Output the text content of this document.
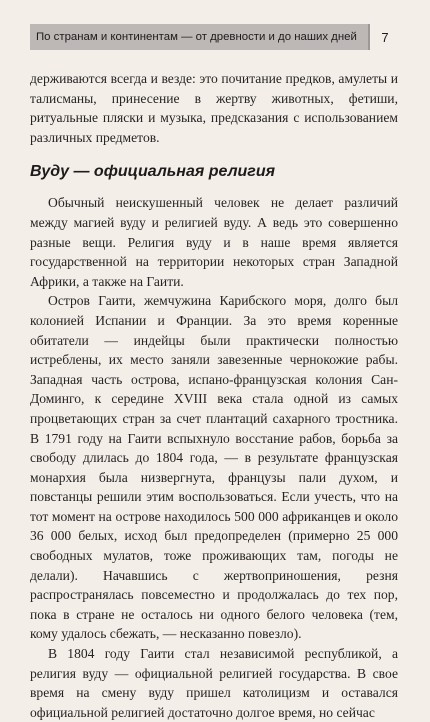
По странам и континентам — от древности и до наших дней	7

держиваются всегда и везде: это почитание предков, амулеты и талисманы, принесение в жертву животных, фетиши, ритуальные пляски и музыка, предсказания с использованием различных предметов.

Вуду — официальная религия

Обычный неискушенный человек не делает различий между магией вуду и религией вуду. А ведь это совершенно разные вещи. Религия вуду и в наше время является государственной на территории некоторых стран Западной Африки, а также на Гаити.

Остров Гаити, жемчужина Карибского моря, долго был колонией Испании и Франции. За это время коренные обитатели — индейцы были практически полностью истреблены, их место заняли завезенные чернокожие рабы. Западная часть острова, испано-французская колония Сан-Доминго, к середине XVIII века стала одной из самых процветающих стран за счет плантаций сахарного тростника. В 1791 году на Гаити вспыхнуло восстание рабов, борьба за свободу длилась до 1804 года, — в результате французская монархия была низвергнута, французы пали духом, и повстанцы решили этим воспользоваться. Если учесть, что на тот момент на острове находилось 500 000 африканцев и около 36 000 белых, исход был предопределен (примерно 25 000 свободных мулатов, тоже проживающих там, погоды не делали). Начавшись с жертвоприношения, резня распространялась повсеместно и продолжалась до тех пор, пока в стране не осталось ни одного белого человека (тем, кому удалось сбежать, — несказанно повезло).

В 1804 году Гаити стал независимой республикой, а религия вуду — официальной религией государства. В свое время на смену вуду пришел католицизм и оставался официальной религией достаточно долгое время, но сейчас
